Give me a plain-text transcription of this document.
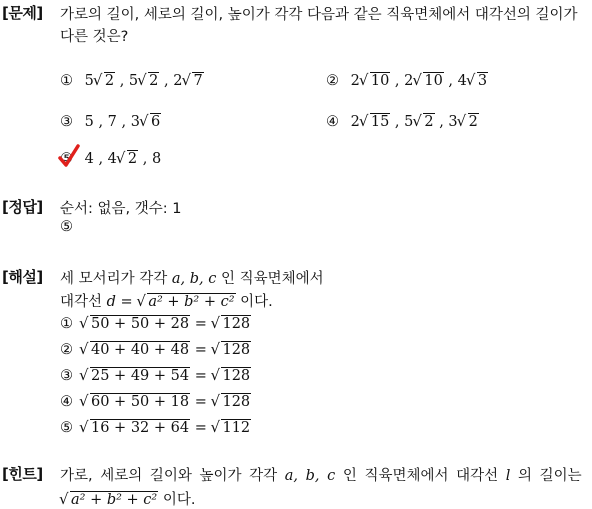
[문제] 가로의 길이, 세로의 길이, 높이가 각각 다음과 같은 직육면체에서 대각선의 길이가
다른 것은?
① 5 √ 2 , 5 √ 2 , 2 √ 7	② 2 √ 10 , 2 √ 10 , 4 √ 3
③ 5 , 7 , 3 √ 6	④ 2 √ 15 , 5 √ 2 , 3 √ 2
⑤ 4 , 4 √ 2 , 8
[정답] 순서: 없음, 갯수: 1
⑤
[해설] 세 모서리가 각각 a, b, c 인 직육면체에서
대각선 d = √ a² + b² + c² 이다.
① √ 50 + 50 + 28 = √ 128
② √ 40 + 40 + 48 = √ 128
③ √ 25 + 49 + 54 = √ 128
④ √ 60 + 50 + 18 = √ 128
⑤ √ 16 + 32 + 64 = √ 112
[힌트] 가로, 세로의 길이와 높이가 각각 a, b, c 인 직육면체에서 대각선 l 의 길이는
√ a² + b² + c² 이다.
